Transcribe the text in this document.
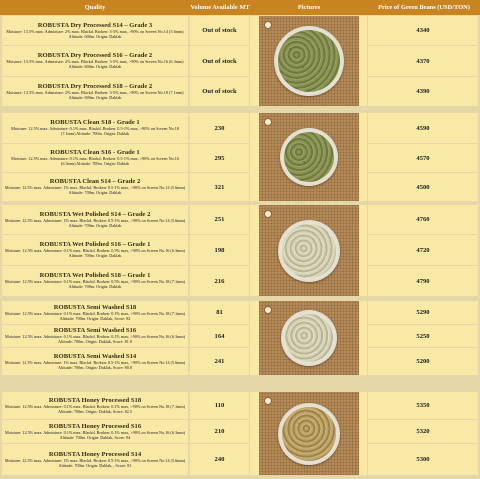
Quality	Volume Available MT	Pictures	Price of Green Beans (USD/TON)
ROBUSTA Dry Processed S14 – Grade 3
Moisture: 13.5% max. Admixture: 2% max. Blackd. Broken: 3-5% max, >90% on Screen No.14 (5.6mm) Altitude: 600m. Origin: Daklak
Out of stock	4340
ROBUSTA Dry Processed S16 – Grade 2
Moisture: 13.5% max. Admixture: 2% max. Blackd. Broken: 3-5% max, >90% on Screen No.16 (6.3mm) Altitude: 600m. Origin: Daklak
Out of stock	4370
ROBUSTA Dry Processed S18 – Grade 2
Moisture: 13.5% max. Admixture: 2% max. Blackd. Broken: 3-5% max, >90% on Screen No.18 (7.1mm) Altitude: 600m. Origin: Daklak
Out of stock	4390
ROBUSTA Clean S18 - Grade 1
Moisture: 12.5% max. Admixture: 0.1% max. Blackd. Broken: 0.5-1% max, >90% on Screen No.18 (7.1mm) Altitude: 700m. Origin: Daklak
230	4590
ROBUSTA Clean S16 - Grade 1
Moisture: 12.5% max. Admixture: 0.1% max. Blackd. Broken: 0.5-1% max, >90% on Screen No.16 (6.3mm) Altitude: 700m. Origin: Daklak
295	4570
ROBUSTA Clean S14 – Grade 2
Moisture: 12.5% max. Admixture: 1% max. Blackd. Broken: 0.5-1% max, >90% on Screen No.14 (5.6mm) Altitude: 700m. Origin: Daklak
321	4500
ROBUSTA Wet Polished S14 – Grade 2
Moisture: 12.5% max. Admixture: 1% max. Blackd. Broken: 0.5-1% max, >90% on Screen No.14 (5.6mm) Altitude: 700m. Origin: Daklak
251	4760
ROBUSTA Wet Polished S16 – Grade 1
Moisture: 12.5% max. Admixture: 0.1% max. Blackd. Broken: 0.5% max, >90% on Screen No.16 (6.3mm) Altitude: 700m. Origin: Daklak
198	4720
ROBUSTA Wet Polished S18 – Grade 1
Moisture: 12.5% max. Admixture: 0.1% max. Blackd. Broken: 0.5% max, >90% on Screen No.18 (7.1mm) Altitude: 700m. Origin: Daklak
216	4790
ROBUSTA Semi Washed S18
Moisture: 12.5% max. Admixture: 0.1% max. Blackd. Broken: 0.1% max, >90% on Screen No.18 (7.1mm) Altitude: 700m. Origin: Daklak, Score: 82
81	5290
ROBUSTA Semi Washed S16
Moisture: 12.5% max. Admixture: 0.1% max. Blackd. Broken: 0.1% max, >90% on Screen No.16 (6.3mm) Altitude: 700m. Origin: Daklak, Score: 81.8
164	5250
ROBUSTA Semi Washed S14
Moisture: 12.5% max. Admixture: 1% max. Blackd. Broken: 0.5-1% max, >90% on Screen No.14 (5.6mm) Altitude: 700m. Origin: Daklak, Score: 80.8
241	5200
ROBUSTA Honey Processed S18
Moisture: 12.5% max. Admixture: 0.1% max. Blackd. Broken: 0.1% max, >90% on Screen No.18 (7.1mm) Altitude: 700m. Origin: Daklak, Score: 82.5
110	5350
ROBUSTA Honey Processed S16
Moisture: 12.5% max. Admixture: 0.1% max. Blackd. Broken: 0.1% max, >90% on Screen No.16 (6.3mm) Altitude: 700m. Origin: Daklak, Score: 84
210	5320
ROBUSTA Honey Processed S14
Moisture: 12.5% max. Admixture: 1% max. Blackd. Broken: 0.5-1% max, >90% on Screen No.14 (5.6mm) Altitude: 700m. Origin: Daklak, , Score: 81
240	5300
